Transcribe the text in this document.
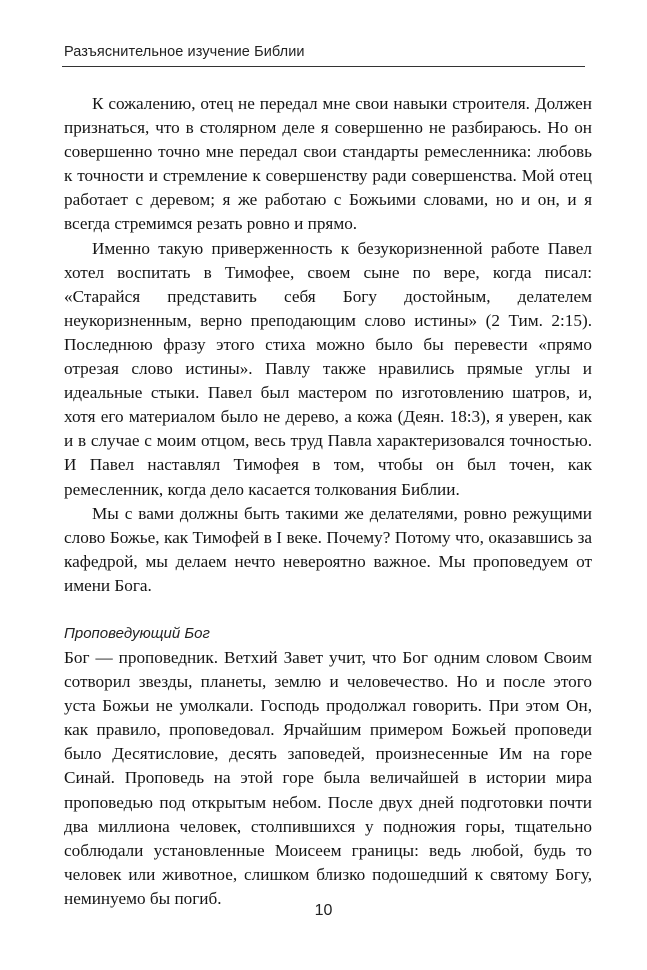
Разъяснительное изучение Библии

К сожалению, отец не передал мне свои навыки строителя. Должен признаться, что в столярном деле я совершенно не разбираюсь. Но он совершенно точно мне передал свои стандарты ремесленника: любовь к точности и стремление к совершенству ради совершенства. Мой отец работает с деревом; я же работаю с Божьими словами, но и он, и я всегда стремимся резать ровно и прямо.

Именно такую приверженность к безукоризненной работе Павел хотел воспитать в Тимофее, своем сыне по вере, когда писал: «Старайся представить себя Богу достойным, делателем неукоризненным, верно преподающим слово истины» (2 Тим. 2:15). Последнюю фразу этого стиха можно было бы перевести «прямо отрезая слово истины». Павлу также нравились прямые углы и идеальные стыки. Павел был мастером по изготовлению шатров, и, хотя его материалом было не дерево, а кожа (Деян. 18:3), я уверен, как и в случае с моим отцом, весь труд Павла характеризовался точностью. И Павел наставлял Тимофея в том, чтобы он был точен, как ремесленник, когда дело касается толкования Библии.

Мы с вами должны быть такими же делателями, ровно режущими слово Божье, как Тимофей в I веке. Почему? Потому что, оказавшись за кафедрой, мы делаем нечто невероятно важное. Мы проповедуем от имени Бога.

Проповедующий Бог

Бог — проповедник. Ветхий Завет учит, что Бог одним словом Своим сотворил звезды, планеты, землю и человечество. Но и после этого уста Божьи не умолкали. Господь продолжал говорить. При этом Он, как правило, проповедовал. Ярчайшим примером Божьей проповеди было Десятисловие, десять заповедей, произнесенные Им на горе Синай. Проповедь на этой горе была величайшей в истории мира проповедью под открытым небом. После двух дней подготовки почти два миллиона человек, столпившихся у подножия горы, тщательно соблюдали установленные Моисеем границы: ведь любой, будь то человек или животное, слишком близко подошедший к святому Богу, неминуемо бы погиб.

10
